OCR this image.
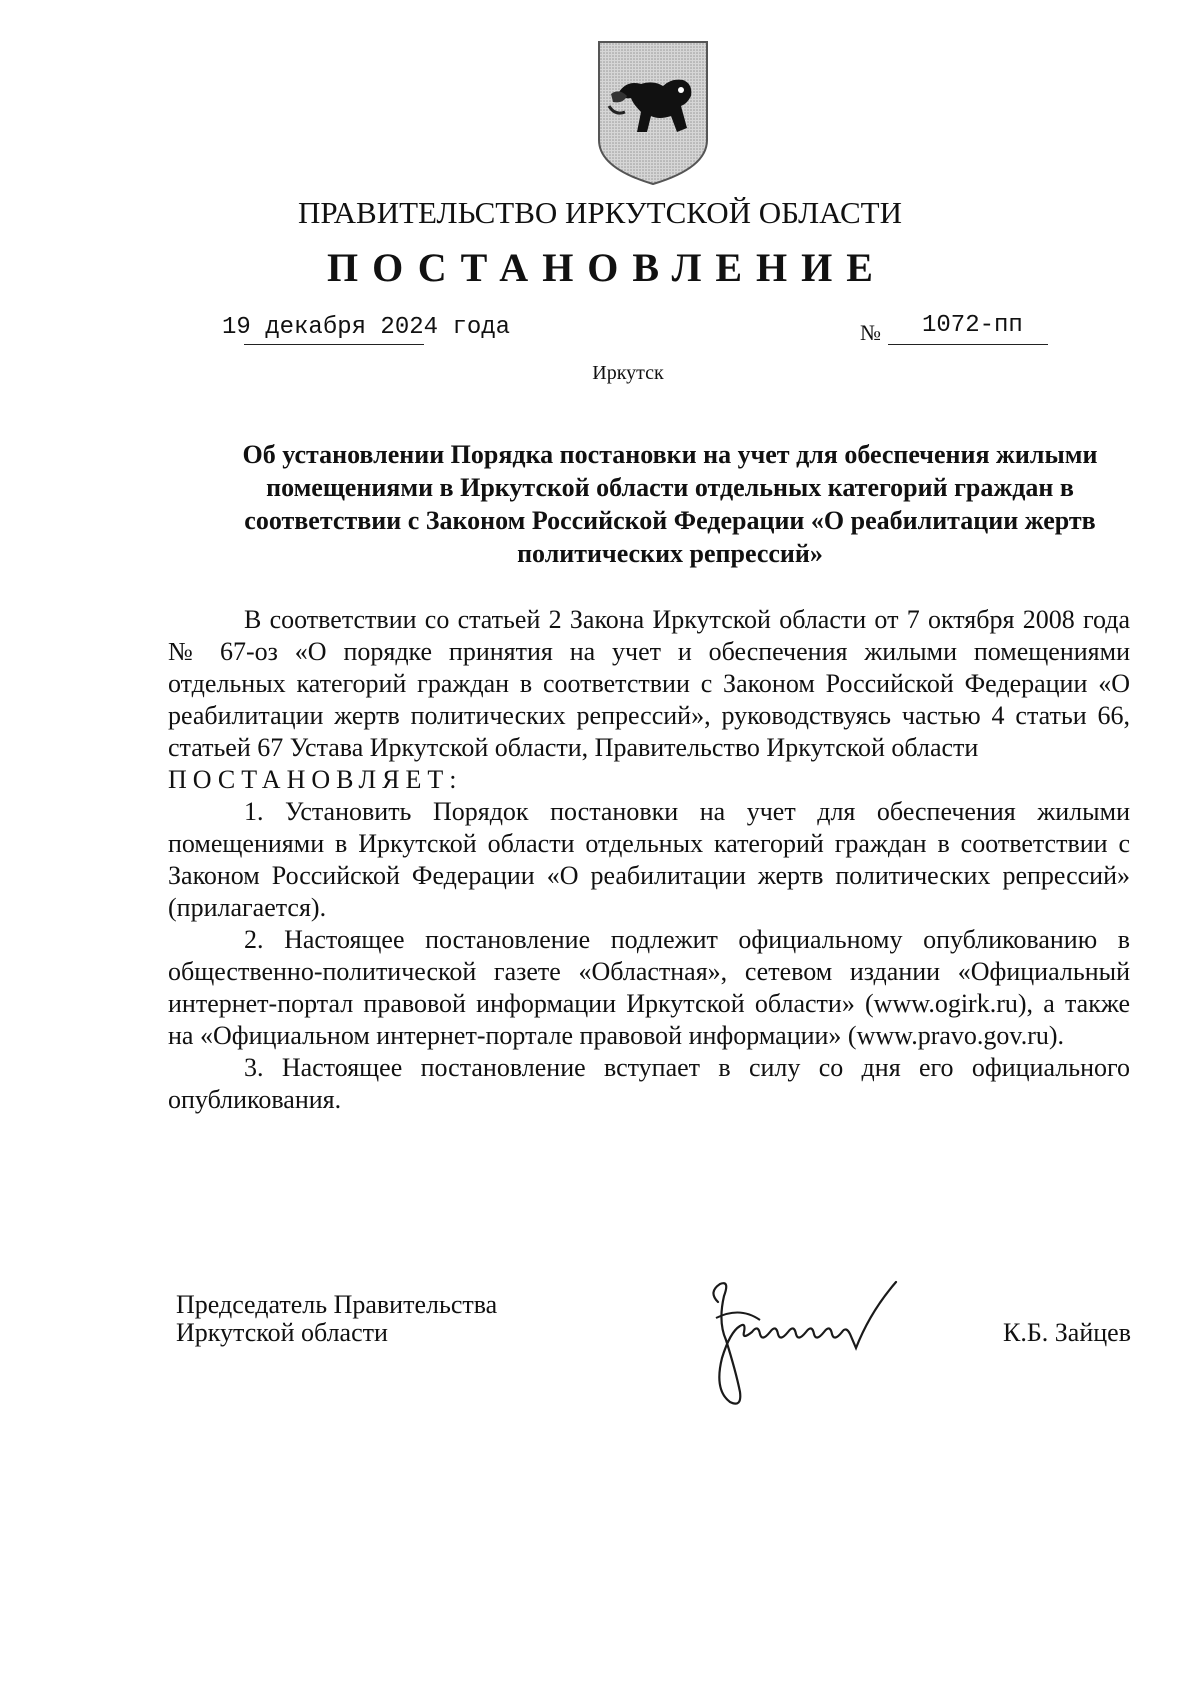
ПРАВИТЕЛЬСТВО ИРКУТСКОЙ ОБЛАСТИ
ПОСТАНОВЛЕНИЕ
19 декабря 2024 года	№ 1072-пп
Иркутск
Об установлении Порядка постановки на учет для обеспечения жилыми помещениями в Иркутской области отдельных категорий граждан в соответствии с Законом Российской Федерации «О реабилитации жертв политических репрессий»

В соответствии со статьей 2 Закона Иркутской области от 7 октября 2008 года № 67-оз «О порядке принятия на учет и обеспечения жилыми помещениями отдельных категорий граждан в соответствии с Законом Российской Федерации «О реабилитации жертв политических репрессий», руководствуясь частью 4 статьи 66, статьей 67 Устава Иркутской области, Правительство Иркутской области

ПОСТАНОВЛЯЕТ:

1. Установить Порядок постановки на учет для обеспечения жилыми помещениями в Иркутской области отдельных категорий граждан в соответствии с Законом Российской Федерации «О реабилитации жертв политических репрессий» (прилагается).

2. Настоящее постановление подлежит официальному опубликованию в общественно-политической газете «Областная», сетевом издании «Официальный интернет-портал правовой информации Иркутской области» (www.ogirk.ru), а также на «Официальном интернет-портале правовой информации» (www.pravo.gov.ru).

3. Настоящее постановление вступает в силу со дня его официального опубликования.

Председатель Правительства
Иркутской области	К.Б. Зайцев
